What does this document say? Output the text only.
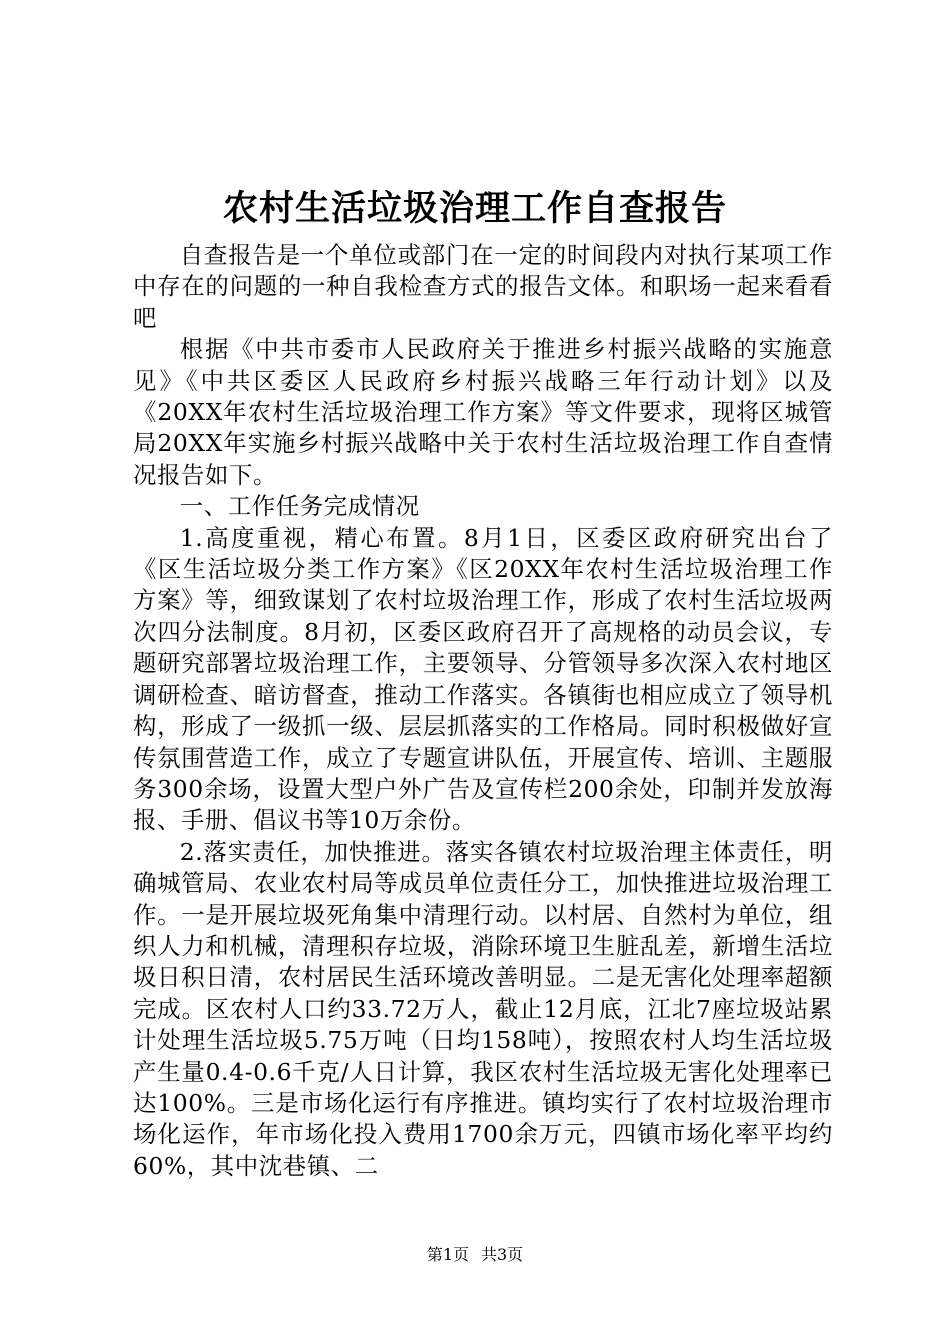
农村生活垃圾治理工作自查报告

自查报告是一个单位或部门在一定的时间段内对执行某项工作中存在的问题的一种自我检查方式的报告文体。和职场一起来看看吧

根据《中共市委市人民政府关于推进乡村振兴战略的实施意见》《中共区委区人民政府乡村振兴战略三年行动计划》以及《20XX年农村生活垃圾治理工作方案》等文件要求，现将区城管局20XX年实施乡村振兴战略中关于农村生活垃圾治理工作自查情况报告如下。

一、工作任务完成情况

1.高度重视，精心布置。8月1日，区委区政府研究出台了《区生活垃圾分类工作方案》《区20XX年农村生活垃圾治理工作方案》等，细致谋划了农村垃圾治理工作，形成了农村生活垃圾两次四分法制度。8月初，区委区政府召开了高规格的动员会议，专题研究部署垃圾治理工作，主要领导、分管领导多次深入农村地区调研检查、暗访督查，推动工作落实。各镇街也相应成立了领导机构，形成了一级抓一级、层层抓落实的工作格局。同时积极做好宣传氛围营造工作，成立了专题宣讲队伍，开展宣传、培训、主题服务300余场，设置大型户外广告及宣传栏200余处，印制并发放海报、手册、倡议书等10万余份。

2.落实责任，加快推进。落实各镇农村垃圾治理主体责任，明确城管局、农业农村局等成员单位责任分工，加快推进垃圾治理工作。一是开展垃圾死角集中清理行动。以村居、自然村为单位，组织人力和机械，清理积存垃圾，消除环境卫生脏乱差，新增生活垃圾日积日清，农村居民生活环境改善明显。二是无害化处理率超额完成。区农村人口约33.72万人，截止12月底，江北7座垃圾站累计处理生活垃圾5.75万吨（日均158吨），按照农村人均生活垃圾产生量0.4-0.6千克/人日计算，我区农村生活垃圾无害化处理率已达100%。三是市场化运行有序推进。镇均实行了农村垃圾治理市场化运作，年市场化投入费用1700余万元，四镇市场化率平均约60%，其中沈巷镇、二

第1页 共3页
